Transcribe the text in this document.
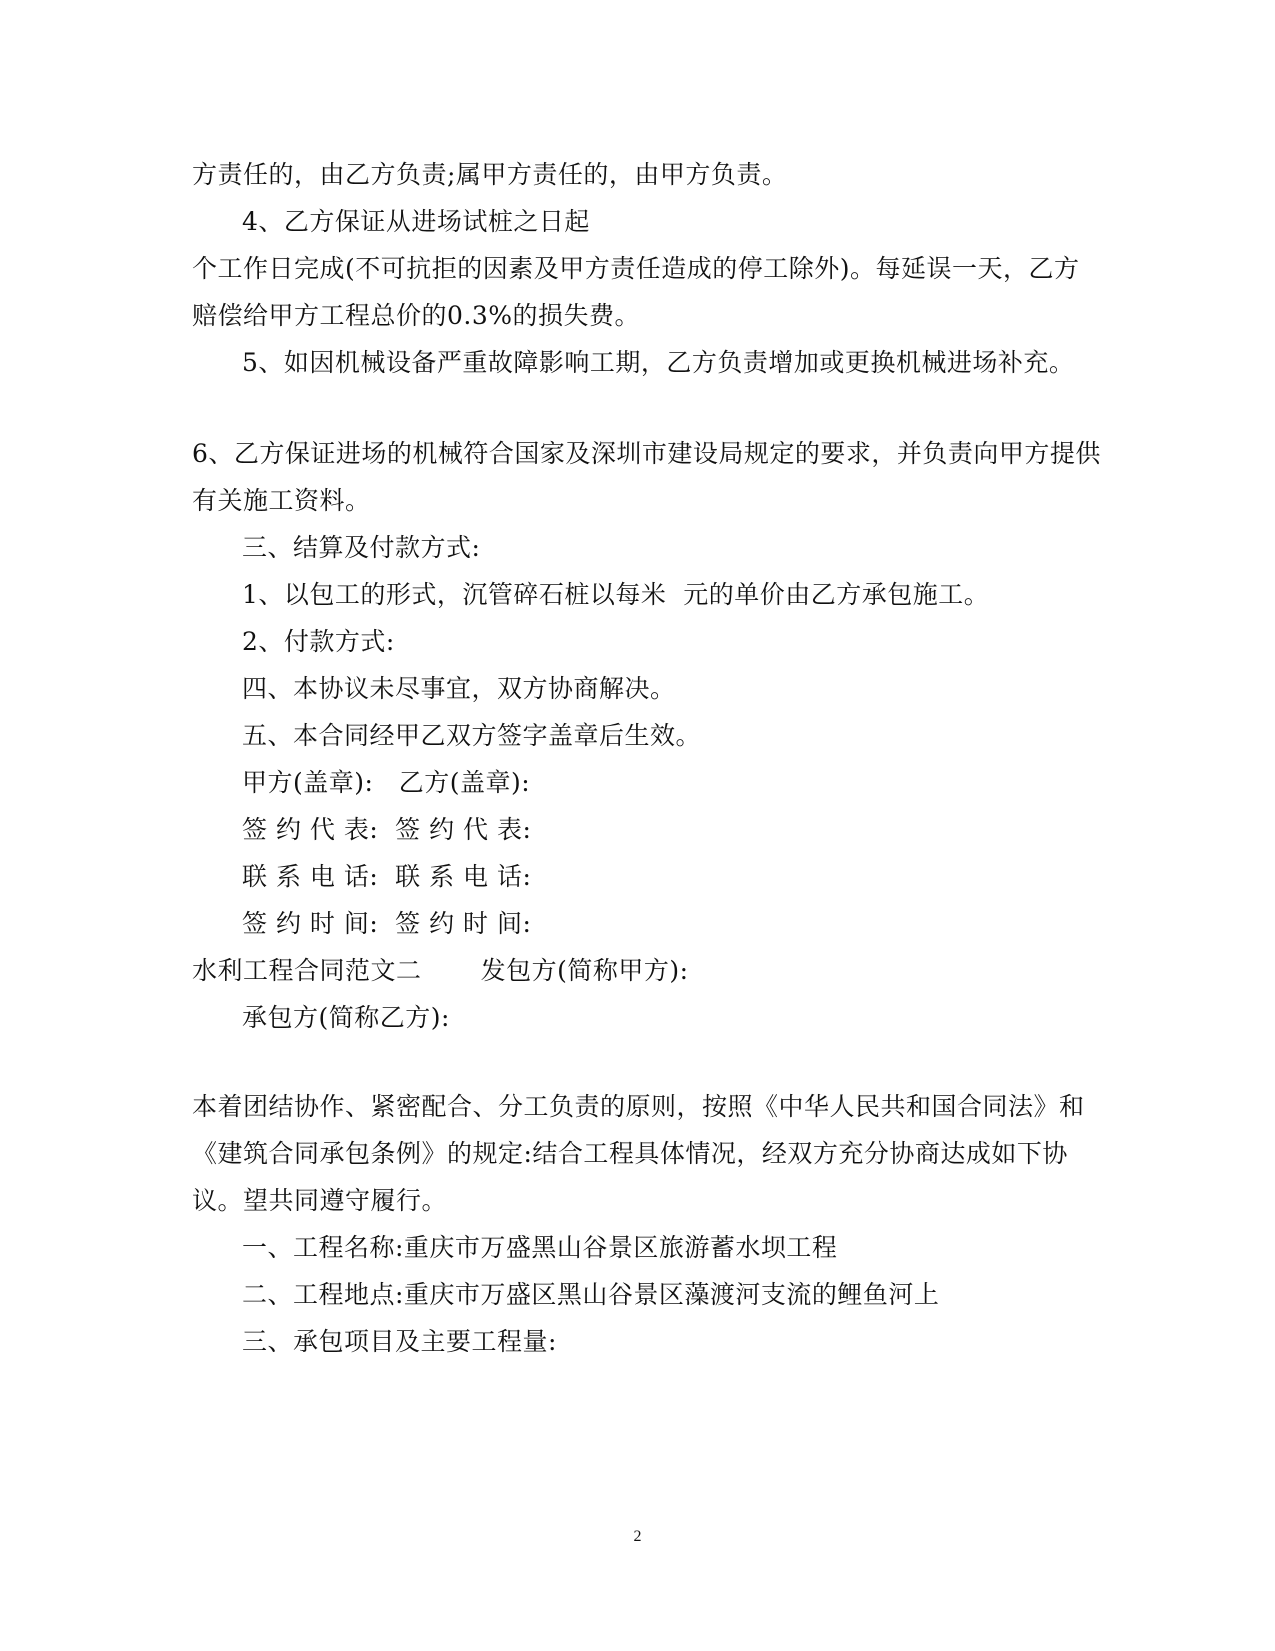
方责任的，由乙方负责;属甲方责任的，由甲方负责。
4、乙方保证从进场试桩之日起
个工作日完成(不可抗拒的因素及甲方责任造成的停工除外)。每延误一天，乙方
赔偿给甲方工程总价的0.3%的损失费。
5、如因机械设备严重故障影响工期，乙方负责增加或更换机械进场补充。
6、乙方保证进场的机械符合国家及深圳市建设局规定的要求，并负责向甲方提供
有关施工资料。
三、结算及付款方式:
1、以包工的形式，沉管碎石桩以每米  元的单价由乙方承包施工。
2、付款方式:
四、本协议未尽事宜，双方协商解决。
五、本合同经甲乙双方签字盖章后生效。
甲方(盖章):   乙方(盖章):
签 约 代 表:  签 约 代 表:
联 系 电 话:  联 系 电 话:
签 约 时 间:  签 约 时 间:
水利工程合同范文二       发包方(简称甲方):
承包方(简称乙方):
本着团结协作、紧密配合、分工负责的原则，按照《中华人民共和国合同法》和
《建筑合同承包条例》的规定:结合工程具体情况，经双方充分协商达成如下协
议。望共同遵守履行。
一、工程名称:重庆市万盛黑山谷景区旅游蓄水坝工程
二、工程地点:重庆市万盛区黑山谷景区藻渡河支流的鲤鱼河上
三、承包项目及主要工程量:
2
